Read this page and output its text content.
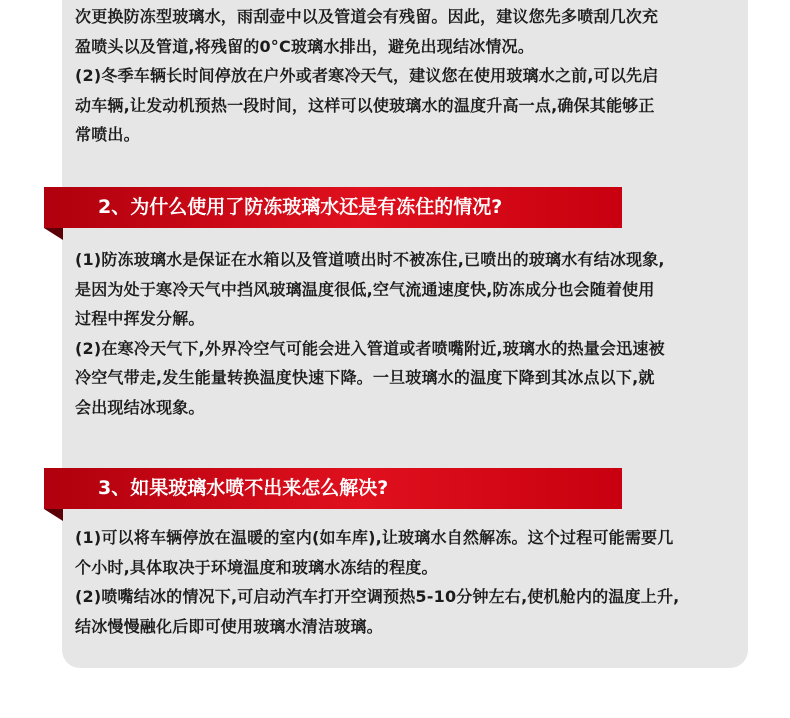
次更换防冻型玻璃水，雨刮壶中以及管道会有残留。因此，建议您先多喷刮几次充
盈喷头以及管道,将残留的0°C玻璃水排出，避免出现结冰情况。
(2)冬季车辆长时间停放在户外或者寒冷天气，建议您在使用玻璃水之前,可以先启
动车辆,让发动机预热一段时间，这样可以使玻璃水的温度升高一点,确保其能够正
常喷出。
2、为什么使用了防冻玻璃水还是有冻住的情况?
(1)防冻玻璃水是保证在水箱以及管道喷出时不被冻住,已喷出的玻璃水有结冰现象,
是因为处于寒冷天气中挡风玻璃温度很低,空气流通速度快,防冻成分也会随着使用
过程中挥发分解。
(2)在寒冷天气下,外界冷空气可能会进入管道或者喷嘴附近,玻璃水的热量会迅速被
冷空气带走,发生能量转换温度快速下降。一旦玻璃水的温度下降到其冰点以下,就
会出现结冰现象。
3、如果玻璃水喷不出来怎么解决?
(1)可以将车辆停放在温暖的室内(如车库),让玻璃水自然解冻。这个过程可能需要几
个小时,具体取决于环境温度和玻璃水冻结的程度。
(2)喷嘴结冰的情况下,可启动汽车打开空调预热5-10分钟左右,使机舱内的温度上升,
结冰慢慢融化后即可使用玻璃水清洁玻璃。
